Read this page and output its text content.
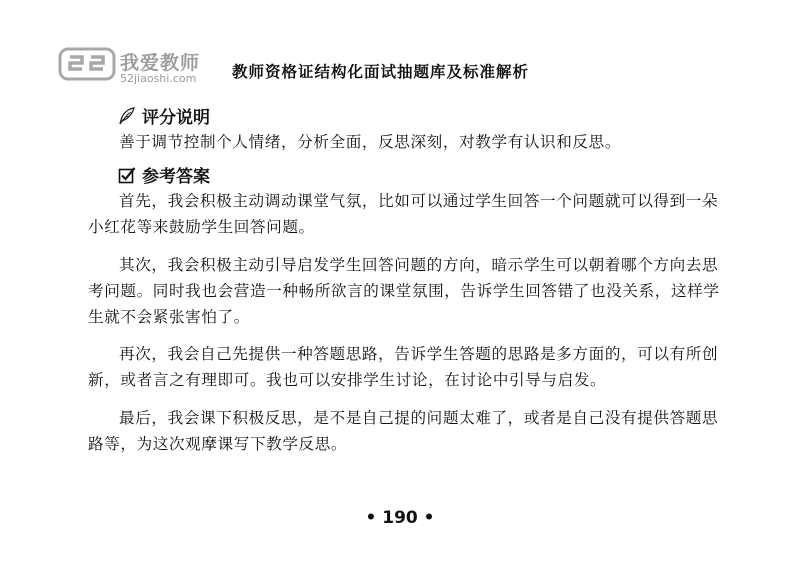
我爱教师
52jiaoshi.com 教师资格证结构化面试抽题库及标准解析
评分说明

善于调节控制个人情绪，分析全面，反思深刻，对教学有认识和反思。

参考答案

首先，我会积极主动调动课堂气氛，比如可以通过学生回答一个问题就可以得到一朵小红花等来鼓励学生回答问题。

其次，我会积极主动引导启发学生回答问题的方向，暗示学生可以朝着哪个方向去思考问题。同时我也会营造一种畅所欲言的课堂氛围，告诉学生回答错了也没关系，这样学生就不会紧张害怕了。

再次，我会自己先提供一种答题思路，告诉学生答题的思路是多方面的，可以有所创新，或者言之有理即可。我也可以安排学生讨论，在讨论中引导与启发。

最后，我会课下积极反思，是不是自己提的问题太难了，或者是自己没有提供答题思路等，为这次观摩课写下教学反思。

• 190 •
